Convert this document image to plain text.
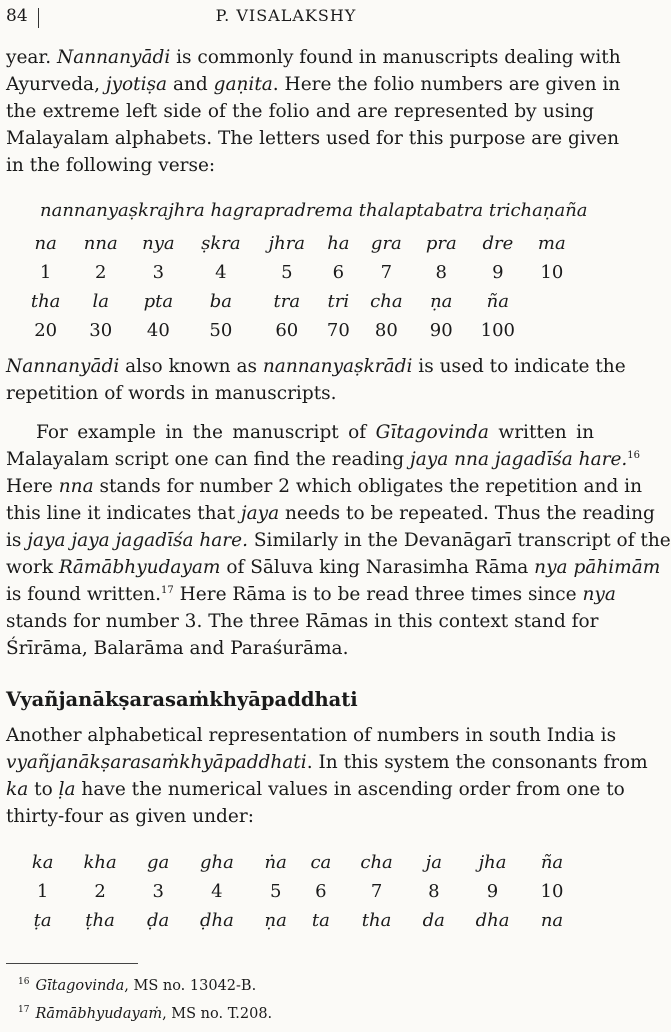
84	P. VISALAKSHY
year. Nannanyādi is commonly found in manuscripts dealing with
Ayurveda, jyotiṣa and gaṇita. Here the folio numbers are given in
the extreme left side of the folio and are represented by using
Malayalam alphabets. The letters used for this purpose are given
in the following verse:
nannanyaṣkrajhra hagrapradrema thalaptabatra trichaṇaña
na	nna	nya	ṣkra	jhra	ha	gra	pra	dre	ma
1	2	3	4	5	6	7	8	9	10
tha	la	pta	ba	tra	tri	cha	ṇa	ña	
20	30	40	50	60	70	80	90	100	
Nannanyādi also known as nannanyaṣkrādi is used to indicate the
repetition of words in manuscripts.
For example in the manuscript of Gītagovinda written in
Malayalam script one can find the reading jaya nna jagadīśa hare.$^{16}$
Here nna stands for number 2 which obligates the repetition and in
this line it indicates that jaya needs to be repeated. Thus the reading
is jaya jaya jagadīśa hare. Similarly in the Devanāgarī transcript of the
work Rāmābhyudayam of Sāluva king Narasimha Rāma nya pāhimām
is found written.$^{17}$ Here Rāma is to be read three times since nya
stands for number 3. The three Rāmas in this context stand for
Śrīrāma, Balarāma and Paraśurāma.
Vyañjanākṣarasaṁkhyāpaddhati
Another alphabetical representation of numbers in south India is
vyañjanākṣarasaṁkhyāpaddhati. In this system the consonants from
ka to ḷa have the numerical values in ascending order from one to
thirty-four as given under:
ka	kha	ga	gha	ṅa	ca	cha	ja	jha	ña
1	2	3	4	5	6	7	8	9	10
ṭa	ṭha	ḍa	ḍha	ṇa	ta	tha	da	dha	na
$^{16}$ Gītagovinda, MS no. 13042-B.
$^{17}$ Rāmābhyudayaṁ, MS no. T.208.
